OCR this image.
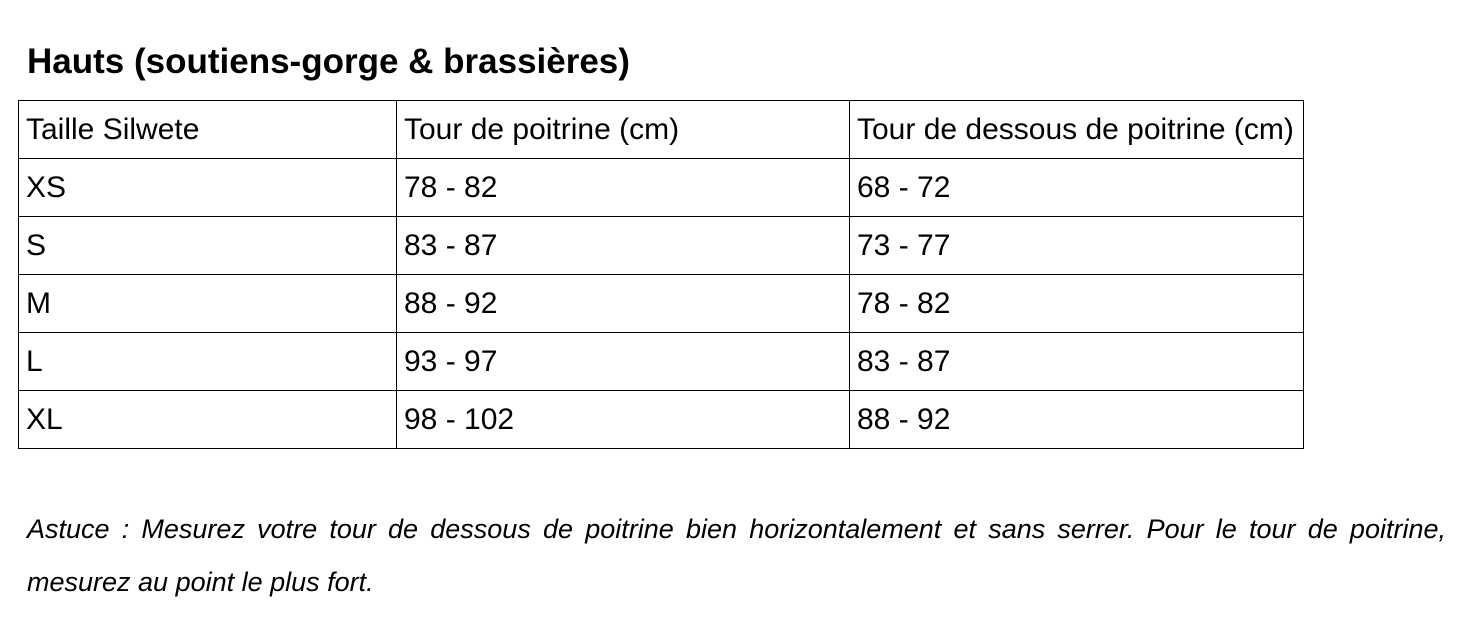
Hauts (soutiens-gorge & brassières)
Taille Silwete	Tour de poitrine (cm)	Tour de dessous de poitrine (cm)
XS	78 - 82	68 - 72
S	83 - 87	73 - 77
M	88 - 92	78 - 82
L	93 - 97	83 - 87
XL	98 - 102	88 - 92

Astuce : Mesurez votre tour de dessous de poitrine bien horizontalement et sans serrer. Pour le tour de poitrine, mesurez au point le plus fort.
